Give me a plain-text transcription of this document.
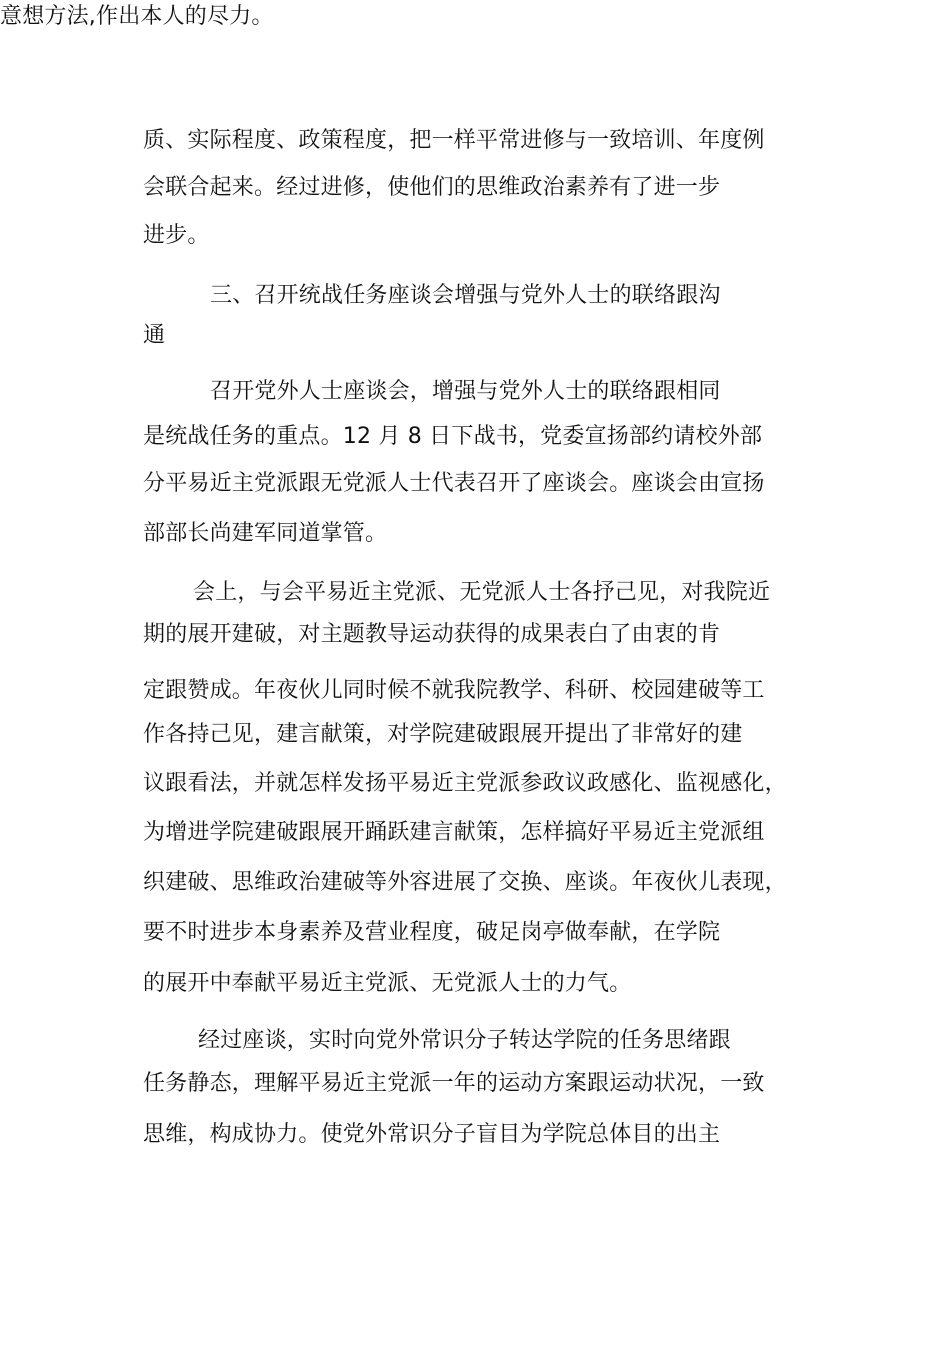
意想方法,作出本人的尽力。
质、实际程度、政策程度，把一样平常进修与一致培训、年度例
会联合起来。经过进修，使他们的思维政治素养有了进一步
进步。
三、召开统战任务座谈会增强与党外人士的联络跟沟
通
召开党外人士座谈会，增强与党外人士的联络跟相同
是统战任务的重点。12 月 8 日下战书，党委宣扬部约请校外部
分平易近主党派跟无党派人士代表召开了座谈会。座谈会由宣扬
部部长尚建军同道掌管。
会上，与会平易近主党派、无党派人士各抒己见，对我院近
期的展开建破，对主题教导运动获得的成果表白了由衷的肯
定跟赞成。年夜伙儿同时候不就我院教学、科研、校园建破等工
作各持己见，建言献策，对学院建破跟展开提出了非常好的建
议跟看法，并就怎样发扬平易近主党派参政议政感化、监视感化，
为增进学院建破跟展开踊跃建言献策，怎样搞好平易近主党派组
织建破、思维政治建破等外容进展了交换、座谈。年夜伙儿表现，
要不时进步本身素养及营业程度，破足岗亭做奉献，在学院
的展开中奉献平易近主党派、无党派人士的力气。
经过座谈，实时向党外常识分子转达学院的任务思绪跟
任务静态，理解平易近主党派一年的运动方案跟运动状况，一致
思维，构成协力。使党外常识分子盲目为学院总体目的出主
